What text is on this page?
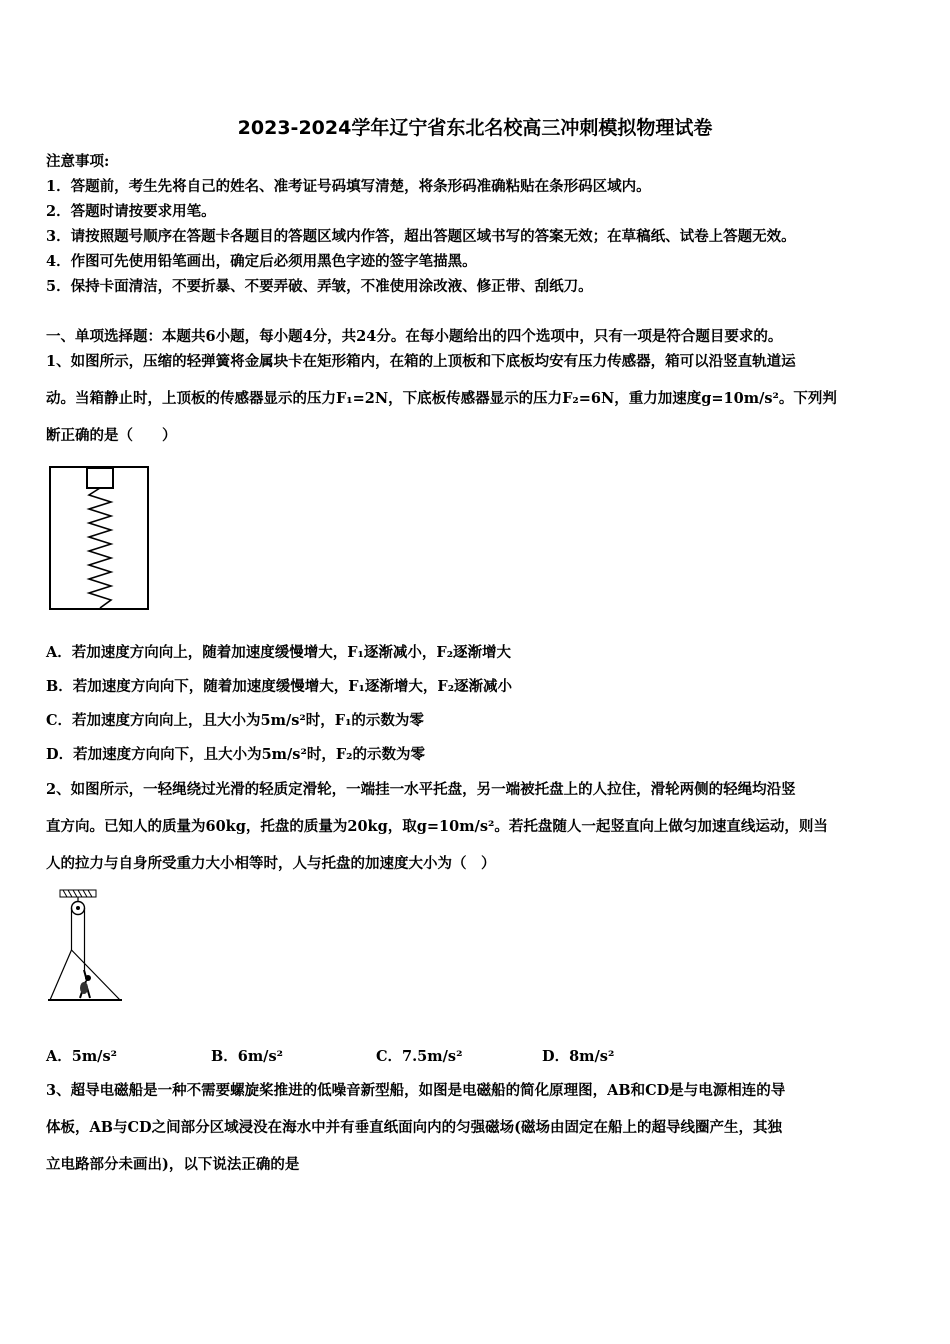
2023-2024学年辽宁省东北名校高三冲刺模拟物理试卷
注意事项:
1．答题前，考生先将自己的姓名、准考证号码填写清楚，将条形码准确粘贴在条形码区域内。
2．答题时请按要求用笔。
3．请按照题号顺序在答题卡各题目的答题区域内作答，超出答题区域书写的答案无效；在草稿纸、试卷上答题无效。
4．作图可先使用铅笔画出，确定后必须用黑色字迹的签字笔描黑。
5．保持卡面清洁，不要折暴、不要弄破、弄皱，不准使用涂改液、修正带、刮纸刀。
一、单项选择题：本题共6小题，每小题4分，共24分。在每小题给出的四个选项中，只有一项是符合题目要求的。
1、如图所示，压缩的轻弹簧将金属块卡在矩形箱内，在箱的上顶板和下底板均安有压力传感器，箱可以沿竖直轨道运
动。当箱静止时，上顶板的传感器显示的压力F₁=2N，下底板传感器显示的压力F₂=6N，重力加速度g=10m/s²。下列判
断正确的是（　　）
A．若加速度方向向上，随着加速度缓慢增大，F₁逐渐减小，F₂逐渐增大
B．若加速度方向向下，随着加速度缓慢增大，F₁逐渐增大，F₂逐渐减小
C．若加速度方向向上，且大小为5m/s²时，F₁的示数为零
D．若加速度方向向下，且大小为5m/s²时，F₂的示数为零
2、如图所示，一轻绳绕过光滑的轻质定滑轮，一端挂一水平托盘，另一端被托盘上的人拉住，滑轮两侧的轻绳均沿竖
直方向。已知人的质量为60kg，托盘的质量为20kg，取g=10m/s²。若托盘随人一起竖直向上做匀加速直线运动，则当
人的拉力与自身所受重力大小相等时，人与托盘的加速度大小为（　）
A．5m/s²	B．6m/s²	C．7.5m/s²	D．8m/s²
3、超导电磁船是一种不需要螺旋桨推进的低噪音新型船，如图是电磁船的简化原理图，AB和CD是与电源相连的导
体板，AB与CD之间部分区域浸没在海水中并有垂直纸面向内的匀强磁场(磁场由固定在船上的超导线圈产生，其独
立电路部分未画出)，以下说法正确的是
